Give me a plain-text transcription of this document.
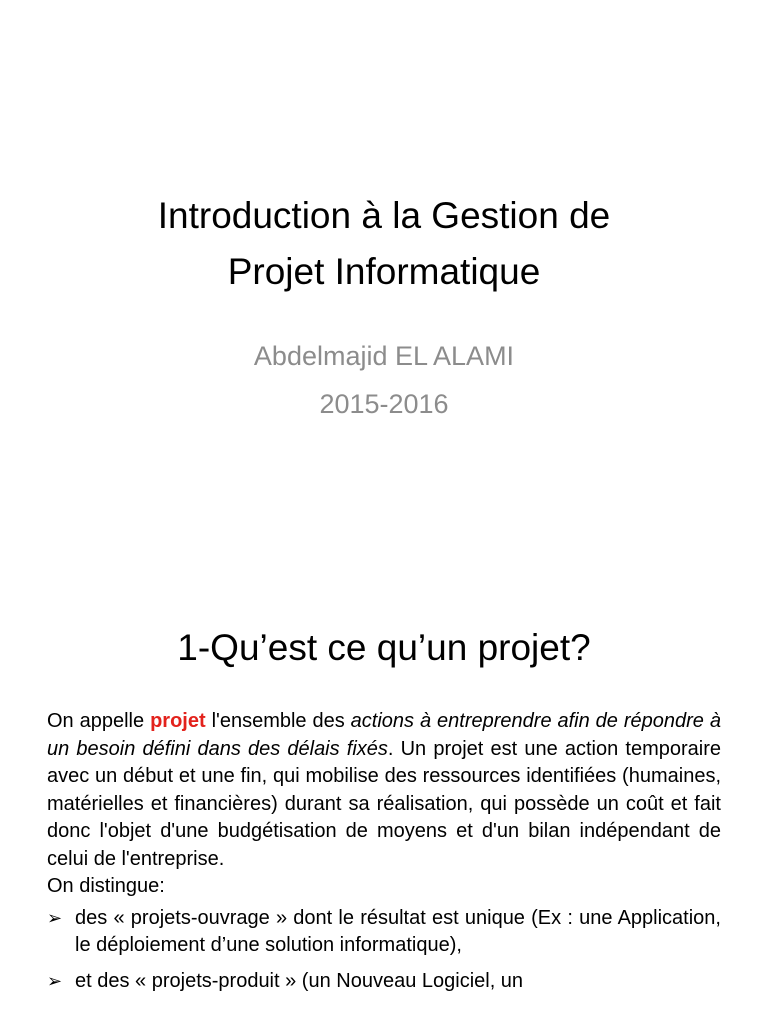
Introduction à la Gestion de
Projet Informatique
Abdelmajid EL ALAMI
2015-2016
1-Qu’est ce qu’un projet?

On appelle projet l'ensemble des actions à entreprendre afin de répondre à un besoin défini dans des délais fixés. Un projet est une action temporaire avec un début et une fin, qui mobilise des ressources identifiées (humaines, matérielles et financières) durant sa réalisation, qui possède un coût et fait donc l'objet d'une budgétisation de moyens et d'un bilan indépendant de celui de l'entreprise.

On distingue:

➢ des « projets-ouvrage » dont le résultat est unique (Ex : une Application, le déploiement d’une solution informatique),
➢ et des « projets-produit » (un Nouveau Logiciel, un
